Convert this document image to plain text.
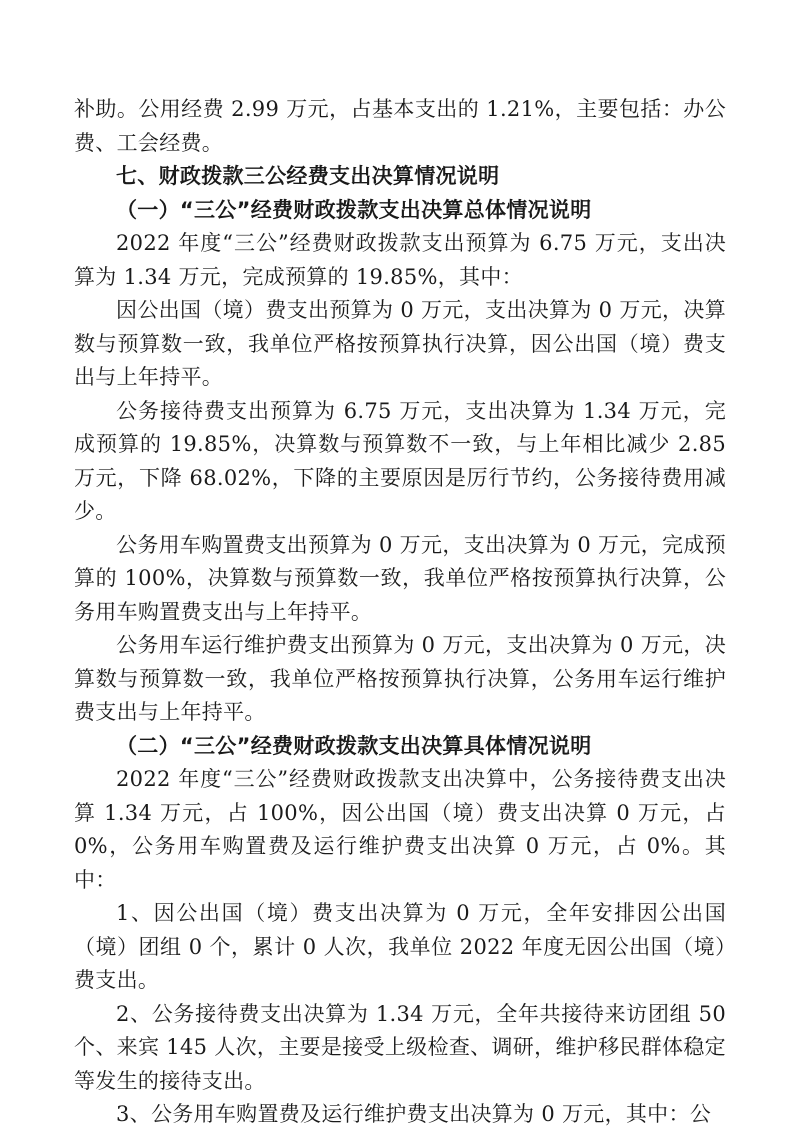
补助。公用经费 2.99 万元，占基本支出的 1.21%，主要包括：办公费、工会经费。

七、财政拨款三公经费支出决算情况说明

（一）“三公”经费财政拨款支出决算总体情况说明

2022 年度“三公”经费财政拨款支出预算为 6.75 万元，支出决算为 1.34 万元，完成预算的 19.85%，其中：

因公出国（境）费支出预算为 0 万元，支出决算为 0 万元，决算数与预算数一致，我单位严格按预算执行决算，因公出国（境）费支出与上年持平。

公务接待费支出预算为 6.75 万元，支出决算为 1.34 万元，完成预算的 19.85%，决算数与预算数不一致，与上年相比减少 2.85 万元，下降 68.02%，下降的主要原因是厉行节约，公务接待费用减少。

公务用车购置费支出预算为 0 万元，支出决算为 0 万元，完成预算的 100%，决算数与预算数一致，我单位严格按预算执行决算，公务用车购置费支出与上年持平。

公务用车运行维护费支出预算为 0 万元，支出决算为 0 万元，决算数与预算数一致，我单位严格按预算执行决算，公务用车运行维护费支出与上年持平。

（二）“三公”经费财政拨款支出决算具体情况说明

2022 年度“三公”经费财政拨款支出决算中，公务接待费支出决算 1.34 万元，占 100%，因公出国（境）费支出决算 0 万元，占 0%，公务用车购置费及运行维护费支出决算 0 万元，占 0%。其中：

1、因公出国（境）费支出决算为 0 万元，全年安排因公出国（境）团组 0 个，累计 0 人次，我单位 2022 年度无因公出国（境）费支出。

2、公务接待费支出决算为 1.34 万元，全年共接待来访团组 50 个、来宾 145 人次，主要是接受上级检查、调研，维护移民群体稳定等发生的接待支出。

3、公务用车购置费及运行维护费支出决算为 0 万元，其中：公
